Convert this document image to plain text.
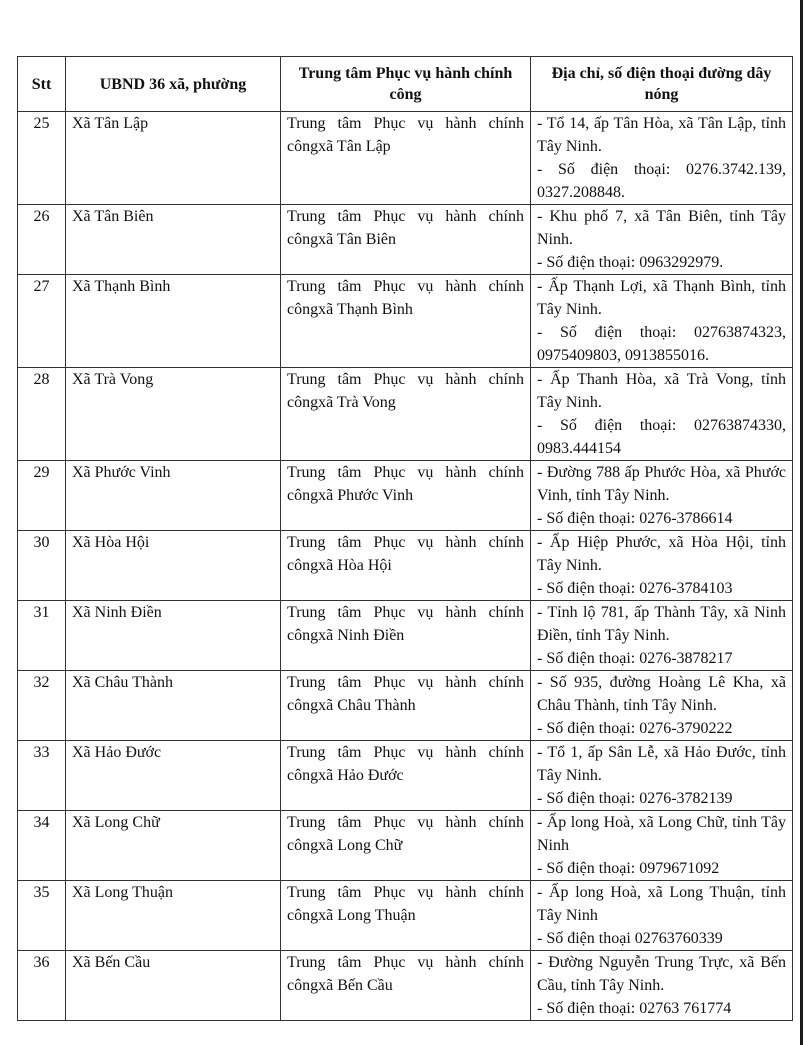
Stt	UBND 36 xã, phường	Trung tâm Phục vụ hành chính công	Địa chỉ, số điện thoại đường dây nóng
25	Xã Tân Lập	Trung tâm Phục vụ hành chính côngxã Tân Lập	- Tổ 14, ấp Tân Hòa, xã Tân Lập, tỉnh Tây Ninh.
- Số điện thoại: 0276.3742.139, 0327.208848.

26	Xã Tân Biên	Trung tâm Phục vụ hành chính côngxã Tân Biên	- Khu phố 7, xã Tân Biên, tỉnh Tây Ninh.
- Số điện thoại: 0963292979.

27	Xã Thạnh Bình	Trung tâm Phục vụ hành chính côngxã Thạnh Bình	- Ấp Thạnh Lợi, xã Thạnh Bình, tỉnh Tây Ninh.
- Số điện thoại: 02763874323, 0975409803, 0913855016.

28	Xã Trà Vong	Trung tâm Phục vụ hành chính côngxã Trà Vong	- Ấp Thanh Hòa, xã Trà Vong, tỉnh Tây Ninh.
- Số điện thoại: 02763874330, 0983.444154

29	Xã Phước Vinh	Trung tâm Phục vụ hành chính côngxã Phước Vinh	- Đường 788 ấp Phước Hòa, xã Phước Vinh, tỉnh Tây Ninh.
- Số điện thoại: 0276-3786614

30	Xã Hòa Hội	Trung tâm Phục vụ hành chính côngxã Hòa Hội	- Ấp Hiệp Phước, xã Hòa Hội, tỉnh Tây Ninh.
- Số điện thoại: 0276-3784103

31	Xã Ninh Điền	Trung tâm Phục vụ hành chính côngxã Ninh Điền	- Tỉnh lộ 781, ấp Thành Tây, xã Ninh Điền, tỉnh Tây Ninh.
- Số điện thoại: 0276-3878217

32	Xã Châu Thành	Trung tâm Phục vụ hành chính côngxã Châu Thành	- Số 935, đường Hoàng Lê Kha, xã Châu Thành, tỉnh Tây Ninh.
- Số điện thoại: 0276-3790222

33	Xã Hảo Đước	Trung tâm Phục vụ hành chính côngxã Hảo Đước	- Tổ 1, ấp Sân Lễ, xã Hảo Đước, tỉnh Tây Ninh.
- Số điện thoại: 0276-3782139

34	Xã Long Chữ	Trung tâm Phục vụ hành chính côngxã Long Chữ	- Ấp long Hoà, xã Long Chữ, tỉnh Tây Ninh
- Số điện thoại: 0979671092

35	Xã Long Thuận	Trung tâm Phục vụ hành chính côngxã Long Thuận	- Ấp long Hoà, xã Long Thuận, tỉnh Tây Ninh
- Số điện thoại 02763760339

36	Xã Bến Cầu	Trung tâm Phục vụ hành chính côngxã Bến Cầu	- Đường Nguyễn Trung Trực, xã Bến Cầu, tỉnh Tây Ninh.
- Số điện thoại: 02763 761774
